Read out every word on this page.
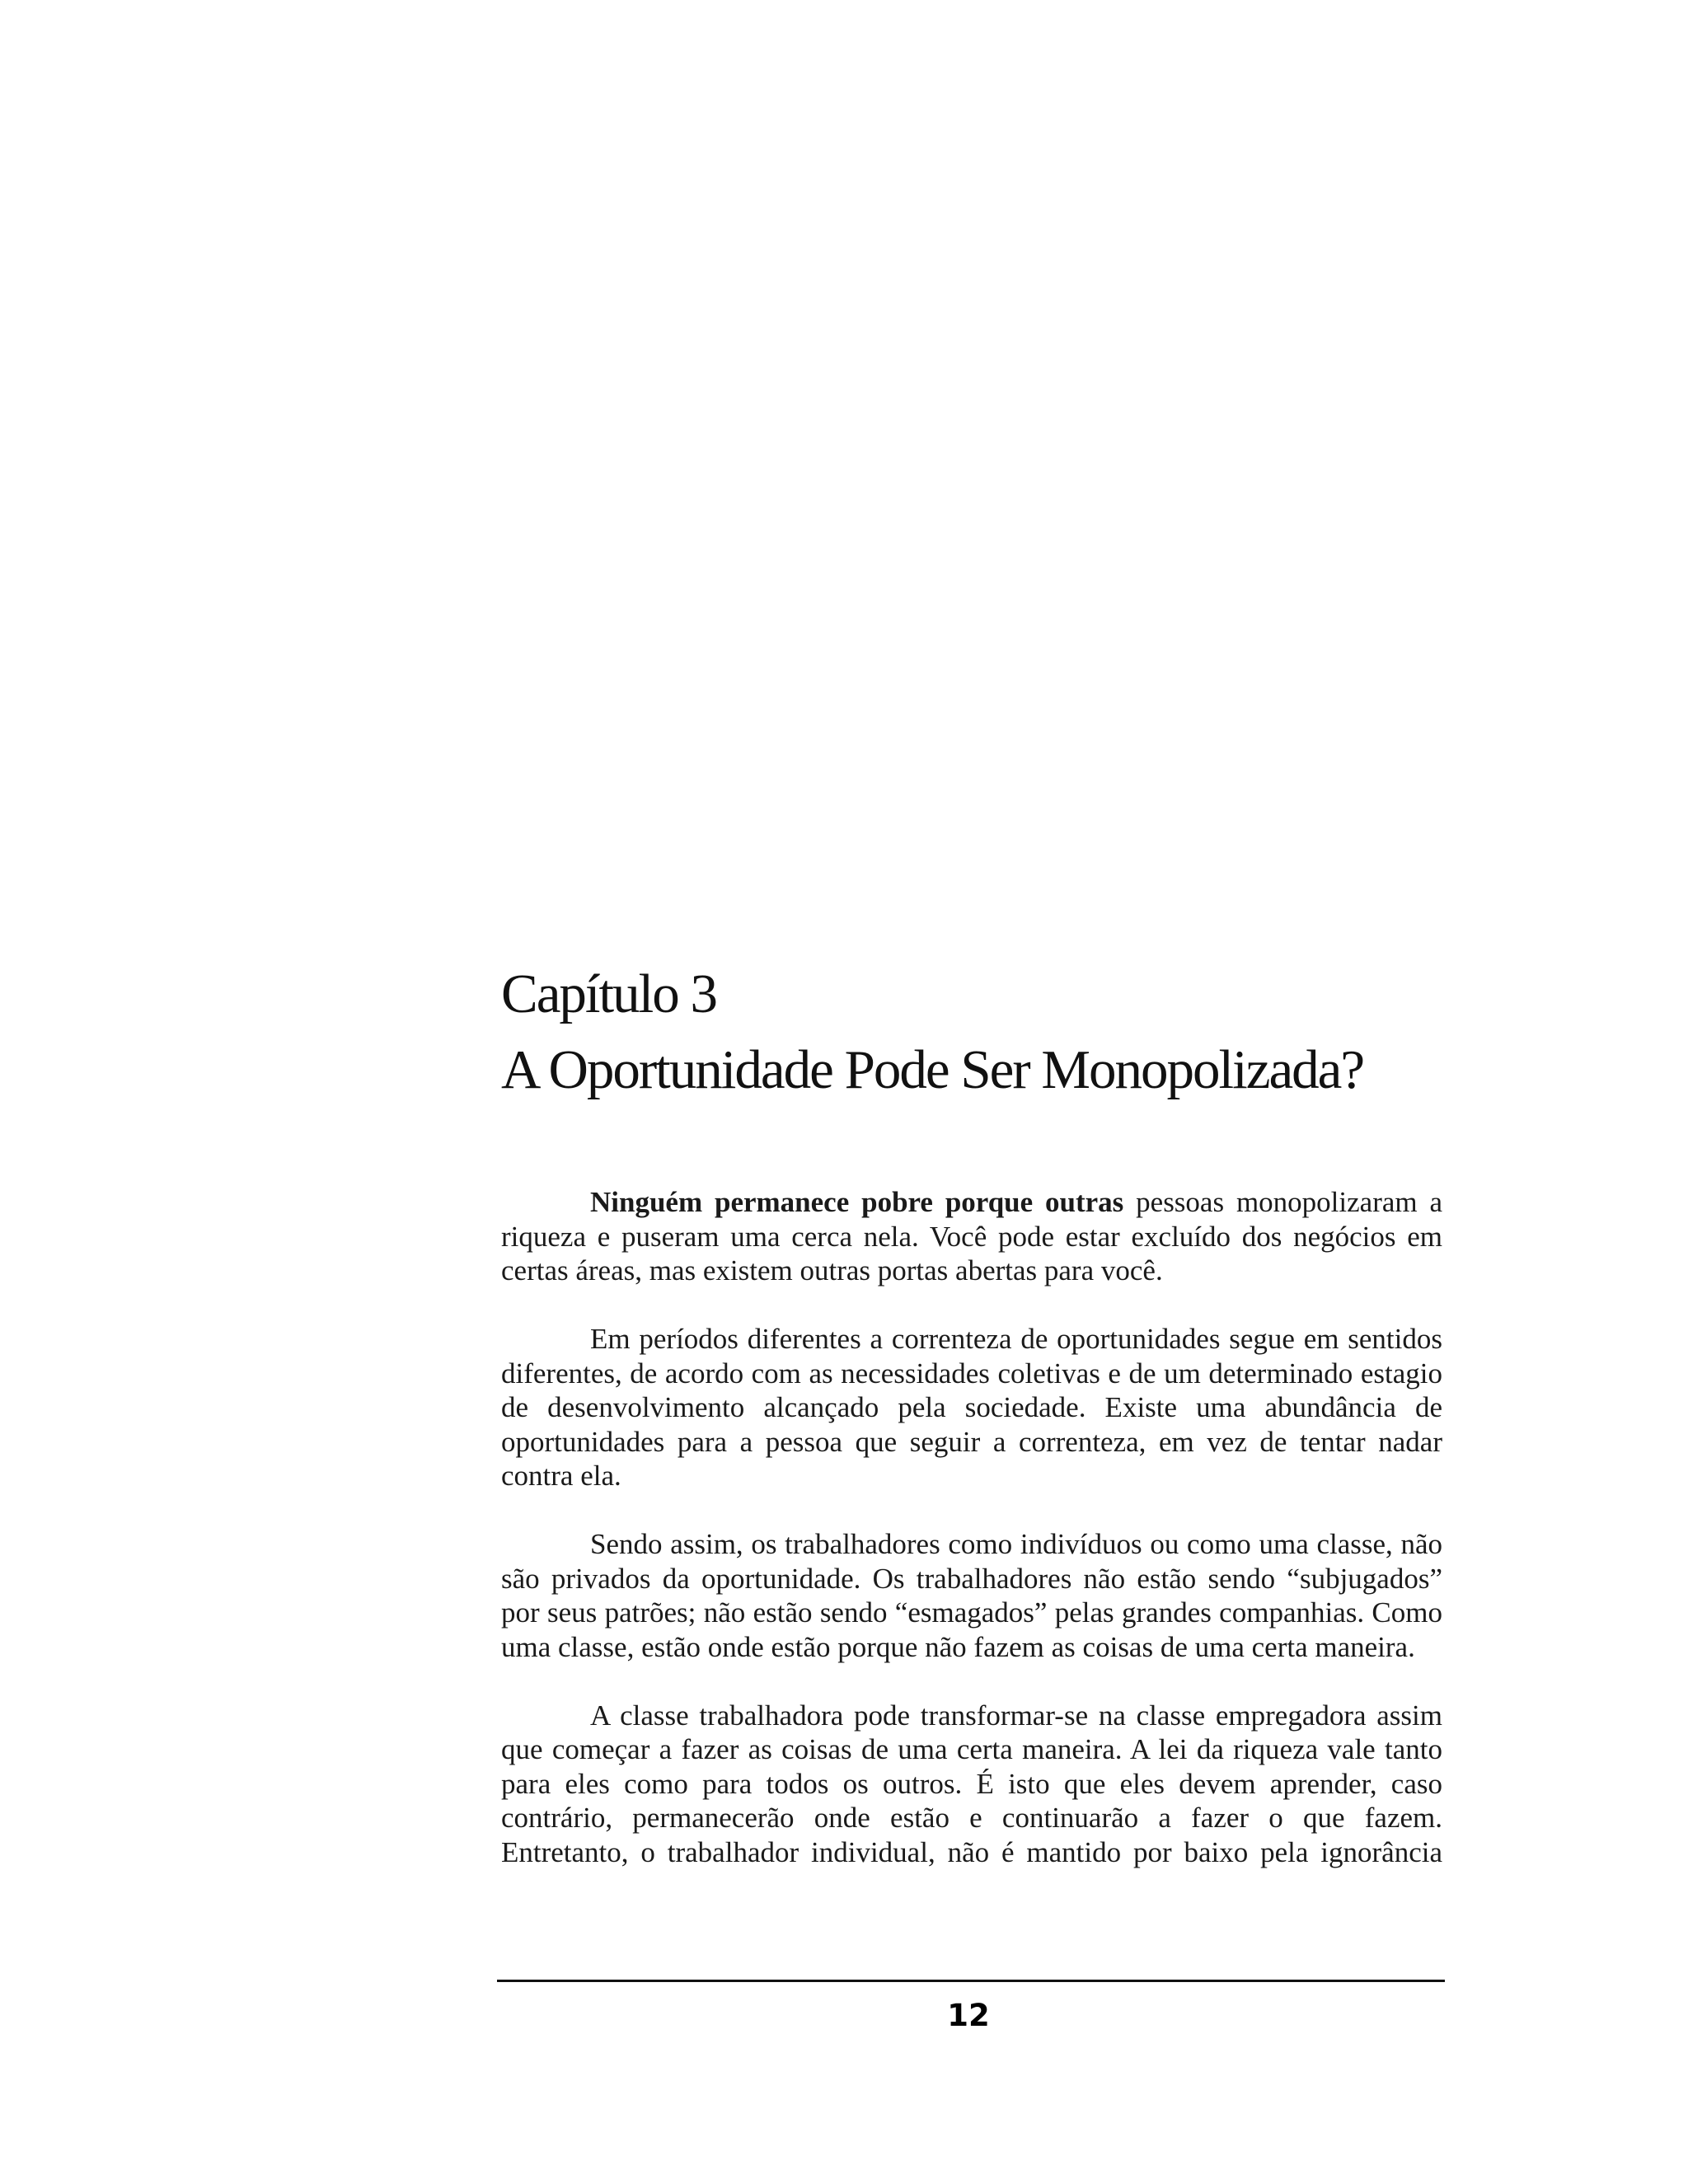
Capítulo 3
A Oportunidade Pode Ser Monopolizada?

Ninguém permanece pobre porque outras pessoas monopolizaram a riqueza e puseram uma cerca nela. Você pode estar excluído dos negócios em certas áreas, mas existem outras portas abertas para você.

Em períodos diferentes a correnteza de oportunidades segue em sentidos diferentes, de acordo com as necessidades coletivas e de um determinado estagio de desenvolvimento alcançado pela sociedade. Existe uma abundância de oportunidades para a pessoa que seguir a correnteza, em vez de tentar nadar contra ela.

Sendo assim, os trabalhadores como indivíduos ou como uma classe, não são privados da oportunidade. Os trabalhadores não estão sendo “subjugados” por seus patrões; não estão sendo “esmagados” pelas grandes companhias. Como uma classe, estão onde estão porque não fazem as coisas de uma certa maneira.

A classe trabalhadora pode transformar-se na classe empregadora assim que começar a fazer as coisas de uma certa maneira. A lei da riqueza vale tanto para eles como para todos os outros. É isto que eles devem aprender, caso contrário, permanecerão onde estão e continuarão a fazer o que fazem. Entretanto, o trabalhador individual, não é mantido por baixo pela ignorância

12
